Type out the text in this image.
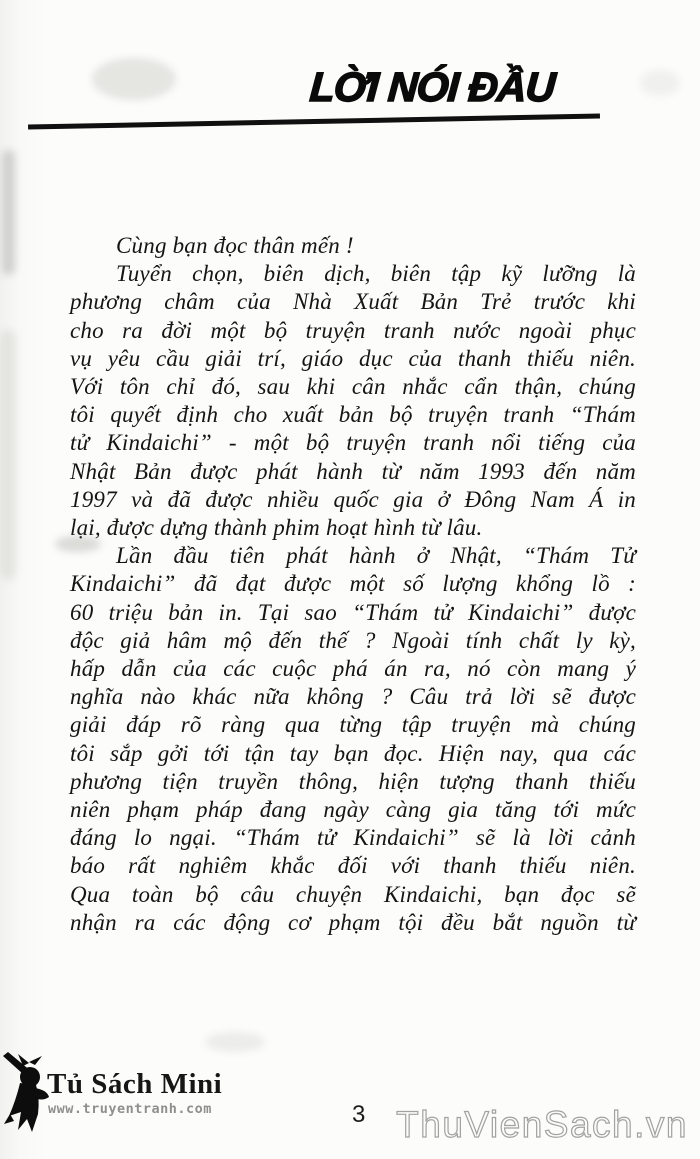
LỜI NÓI ĐẦU
Cùng bạn đọc thân mến !
Tuyển chọn, biên dịch, biên tập kỹ lưỡng là
phương châm của Nhà Xuất Bản Trẻ trước khi
cho ra đời một bộ truyện tranh nước ngoài phục
vụ yêu cầu giải trí, giáo dục của thanh thiếu niên.
Với tôn chỉ đó, sau khi cân nhắc cẩn thận, chúng
tôi quyết định cho xuất bản bộ truyện tranh “Thám
tử Kindaichi” - một bộ truyện tranh nổi tiếng của
Nhật Bản được phát hành từ năm 1993 đến năm
1997 và đã được nhiều quốc gia ở Đông Nam Á in
lại, được dựng thành phim hoạt hình từ lâu.
Lần đầu tiên phát hành ở Nhật, “Thám Tử
Kindaichi” đã đạt được một số lượng khổng lồ :
60 triệu bản in. Tại sao “Thám tử Kindaichi” được
độc giả hâm mộ đến thế ? Ngoài tính chất ly kỳ,
hấp dẫn của các cuộc phá án ra, nó còn mang ý
nghĩa nào khác nữa không ? Câu trả lời sẽ được
giải đáp rõ ràng qua từng tập truyện mà chúng
tôi sắp gởi tới tận tay bạn đọc. Hiện nay, qua các
phương tiện truyền thông, hiện tượng thanh thiếu
niên phạm pháp đang ngày càng gia tăng tới mức
đáng lo ngại. “Thám tử Kindaichi” sẽ là lời cảnh
báo rất nghiêm khắc đối với thanh thiếu niên.
Qua toàn bộ câu chuyện Kindaichi, bạn đọc sẽ
nhận ra các động cơ phạm tội đều bắt nguồn từ
Tủ Sách Mini
www.truyentranh.com	3 ThuVienSach.vn
